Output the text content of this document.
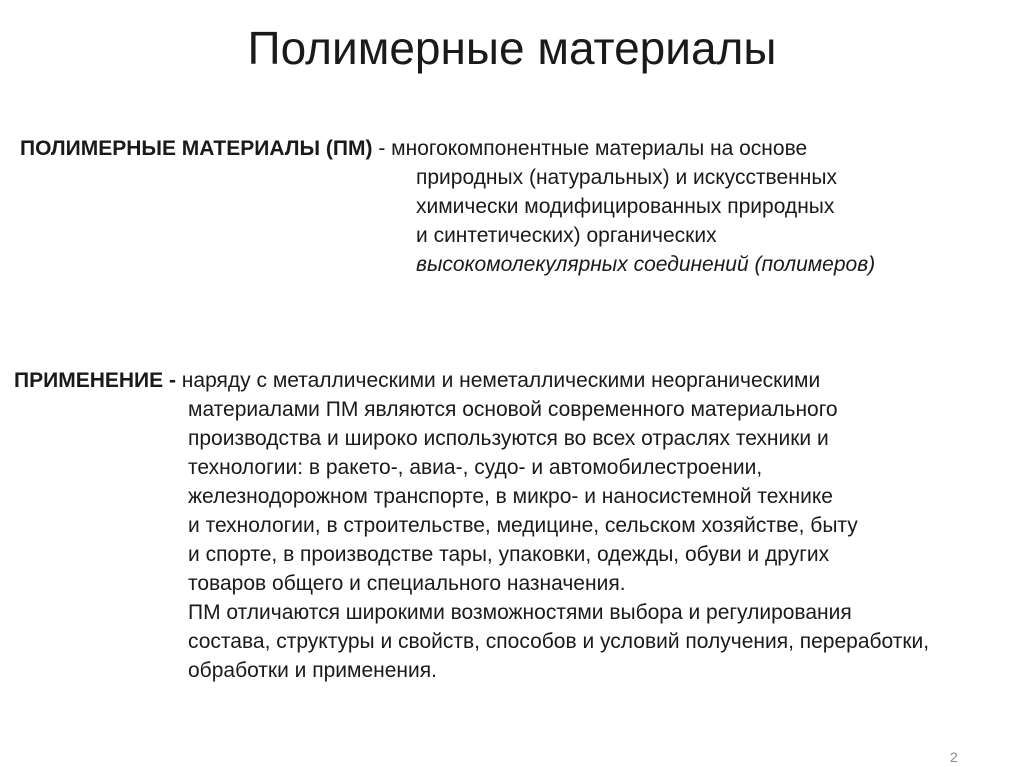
Полимерные материалы
ПОЛИМЕРНЫЕ МАТЕРИАЛЫ (ПМ) - многокомпонентные материалы на основе
природных (натуральных) и искусственных
химически модифицированных природных
и синтетических) органических
высокомолекулярных соединений (полимеров)
ПРИМЕНЕНИЕ - наряду с металлическими и неметаллическими неорганическими
материалами ПМ являются основой современного материального
производства и широко используются во всех отраслях техники и
технологии: в ракето-, авиа-, судо- и автомобилестроении,
железнодорожном транспорте, в микро- и наносистемной технике
и технологии, в строительстве, медицине, сельском хозяйстве, быту
и спорте, в производстве тары, упаковки, одежды, обуви и других
товаров общего и специального назначения.
ПМ отличаются широкими возможностями выбора и регулирования
состава, структуры и свойств, способов и условий получения, переработки,
обработки и применения.
2
